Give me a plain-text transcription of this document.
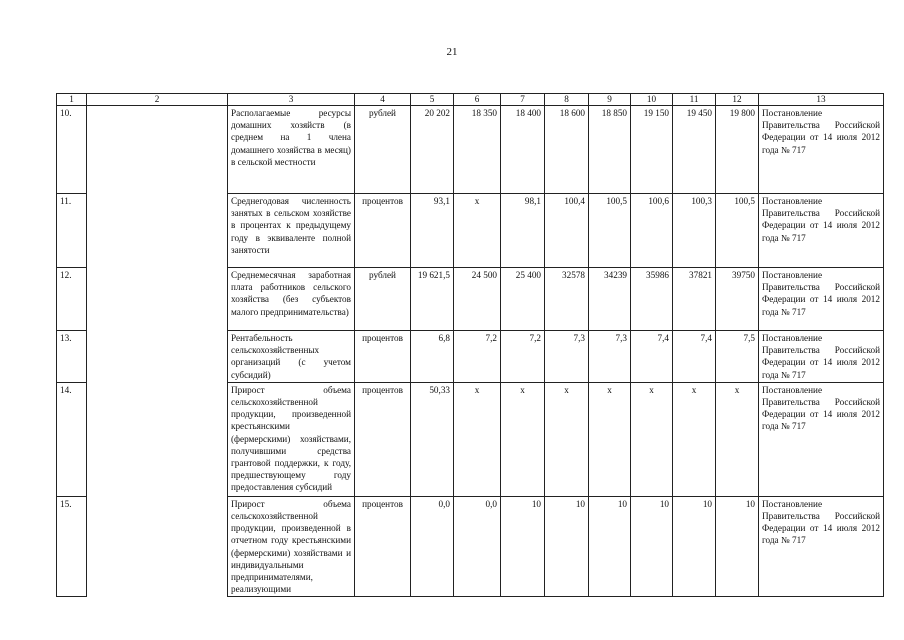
21
1	2	3	4	5	6	7	8	9	10	11	12	13
10.		Располагаемые ресурсы домашних хозяйств (в среднем на 1 члена домашнего хозяйства в месяц) в сельской местности	рублей	20 202	18 350	18 400	18 600	18 850	19 150	19 450	19 800	Постановление Правительства Российской Федерации от 14 июля 2012 года № 717
11.		Среднегодовая численность занятых в сельском хозяйстве в процентах к предыдущему году в эквиваленте полной занятости	процентов	93,1	х	98,1	100,4	100,5	100,6	100,3	100,5	Постановление Правительства Российской Федерации от 14 июля 2012 года № 717
12.		Среднемесячная заработная плата работников сельского хозяйства (без субъектов малого предпринимательства)	рублей	19 621,5	24 500	25 400	32578	34239	35986	37821	39750	Постановление Правительства Российской Федерации от 14 июля 2012 года № 717
13.		Рентабельность сельскохозяйственных организаций (с учетом субсидий)	процентов	6,8	7,2	7,2	7,3	7,3	7,4	7,4	7,5	Постановление Правительства Российской Федерации от 14 июля 2012 года № 717
14.		Прирост объема сельскохозяйственной продукции, произведенной крестьянскими (фермерскими) хозяйствами, получившими средства грантовой поддержки, к году, предшествующему году предоставления субсидий	процентов	50,33	х	х	х	х	х	х	х	Постановление Правительства Российской Федерации от 14 июля 2012 года № 717
15.		Прирост объема сельскохозяйственной продукции, произведенной в отчетном году крестьянскими (фермерскими) хозяйствами и индивидуальными предпринимателями, реализующими	процентов	0,0	0,0	10	10	10	10	10	10	Постановление Правительства Российской Федерации от 14 июля 2012 года № 717
